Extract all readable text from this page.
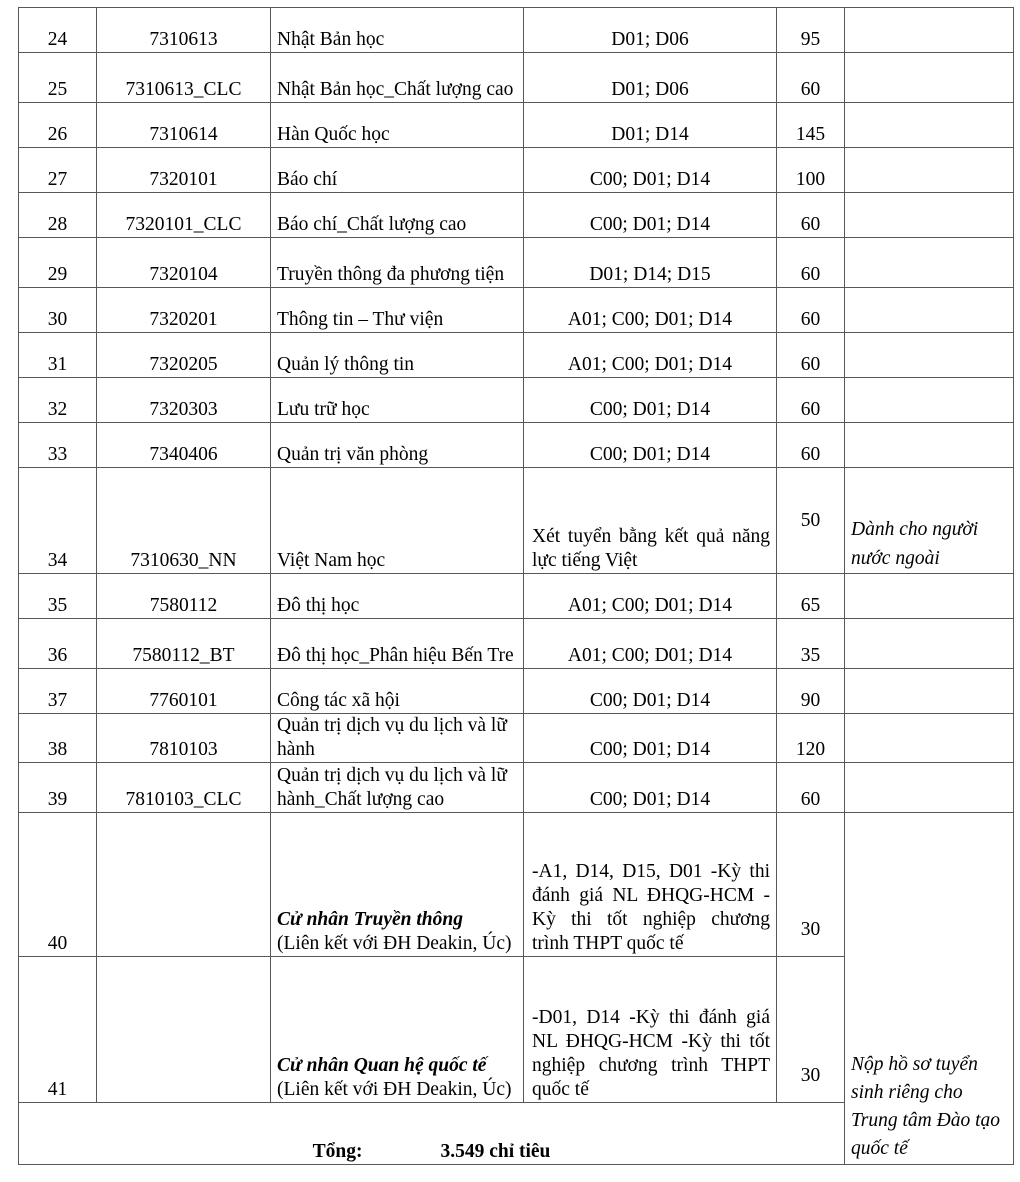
24	7310613	Nhật Bản học	D01; D06	95	
25	7310613_CLC	Nhật Bản học_Chất lượng cao	D01; D06	60	
26	7310614	Hàn Quốc học	D01; D14	145	
27	7320101	Báo chí	C00; D01; D14	100	
28	7320101_CLC	Báo chí_Chất lượng cao	C00; D01; D14	60	
29	7320104	Truyền thông đa phương tiện	D01; D14; D15	60	
30	7320201	Thông tin – Thư viện	A01; C00; D01; D14	60	
31	7320205	Quản lý thông tin	A01; C00; D01; D14	60	
32	7320303	Lưu trữ học	C00; D01; D14	60	
33	7340406	Quản trị văn phòng	C00; D01; D14	60	
34	7310630_NN	Việt Nam học	Xét tuyển bằng kết quả năng lực tiếng Việt	50	Dành cho người nước ngoài
35	7580112	Đô thị học	A01; C00; D01; D14	65	
36	7580112_BT	Đô thị học_Phân hiệu Bến Tre	A01; C00; D01; D14	35	
37	7760101	Công tác xã hội	C00; D01; D14	90	
38	7810103	Quản trị dịch vụ du lịch và lữ hành	C00; D01; D14	120	
39	7810103_CLC	Quản trị dịch vụ du lịch và lữ hành_Chất lượng cao	C00; D01; D14	60	
40		Cử nhân Truyền thông
(Liên kết với ĐH Deakin, Úc)	-A1, D14, D15, D01 -Kỳ thi đánh giá NL ĐHQG-HCM -Kỳ thi tốt nghiệp chương trình THPT quốc tế	30	Nộp hồ sơ tuyển sinh riêng cho Trung tâm Đào tạo quốc tế

41		Cử nhân Quan hệ quốc tế
(Liên kết với ĐH Deakin, Úc)	-D01, D14 -Kỳ thi đánh giá NL ĐHQG-HCM -Kỳ thi tốt nghiệp chương trình THPT quốc tế	30	
Tổng:                3.549 chỉ tiêu					
